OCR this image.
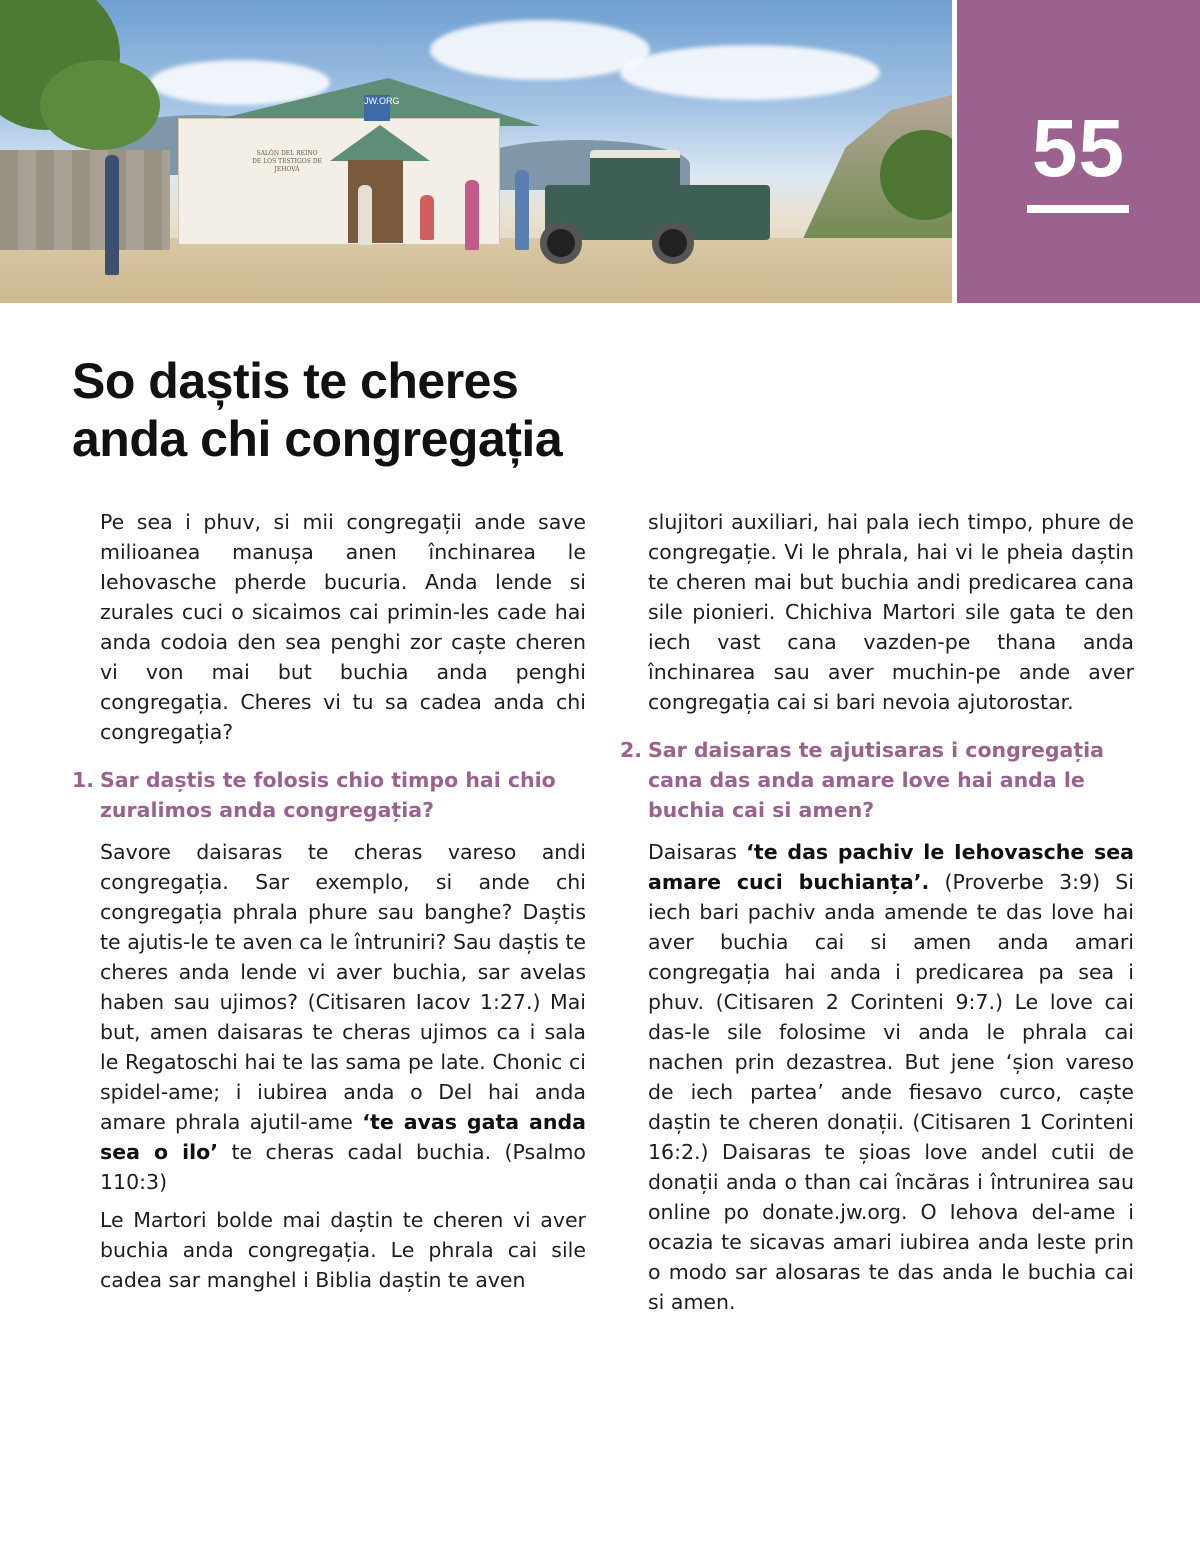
JW.ORG
SALÓN DEL REINO DE LOS TESTIGOS DE JEHOVÁ	55
So daștis te cheres
anda chi congregația

Pe sea i phuv, si mii congregații ande save milioanea manușa anen închinarea le Iehovasche pherde bucuria. Anda lende si zurales cuci o sicaimos cai primin-les cade hai anda codoia den sea penghi zor caște cheren vi von mai but buchia anda penghi congregația. Cheres vi tu sa cadea anda chi congregația?

1. Sar daștis te folosis chio timpo hai chio zuralimos anda congregația?

Savore daisaras te cheras vareso andi congregația. Sar exemplo, si ande chi congregația phrala phure sau banghe? Daștis te ajutis-le te aven ca le întruniri? Sau daștis te cheres anda lende vi aver buchia, sar avelas haben sau ujimos? (Citisaren Iacov 1:27.) Mai but, amen daisaras te cheras ujimos ca i sala le Regatoschi hai te las sama pe late. Chonic ci spidel-ame; i iubirea anda o Del hai anda amare phrala ajutil-ame ‘te avas gata anda sea o ilo’ te cheras cadal buchia. (Psalmo 110:3)

Le Martori bolde mai daștin te cheren vi aver buchia anda congregația. Le phrala cai sile cadea sar manghel i Biblia daștin te aven

slujitori auxiliari, hai pala iech timpo, phure de congregație. Vi le phrala, hai vi le pheia daștin te cheren mai but buchia andi predicarea cana sile pionieri. Chichiva Martori sile gata te den iech vast cana vazden-pe thana anda închinarea sau aver muchin-pe ande aver congregația cai si bari nevoia ajutorostar.

2. Sar daisaras te ajutisaras i congregația cana das anda amare love hai anda le buchia cai si amen?

Daisaras ‘te das pachiv le Iehovasche sea amare cuci buchianța’. (Proverbe 3:9) Si iech bari pachiv anda amende te das love hai aver buchia cai si amen anda amari congregația hai anda i predicarea pa sea i phuv. (Citisaren 2 Corinteni 9:7.) Le love cai das-le sile folosime vi anda le phrala cai nachen prin dezastrea. But jene ‘șion vareso de iech partea’ ande fiesavo curco, caște daștin te cheren donații. (Citisaren 1 Corinteni 16:2.) Daisaras te șioas love andel cutii de donații anda o than cai încăras i întrunirea sau online po donate.jw.org. O Iehova del-ame i ocazia te sicavas amari iubirea anda leste prin o modo sar alosaras te das anda le buchia cai si amen.
